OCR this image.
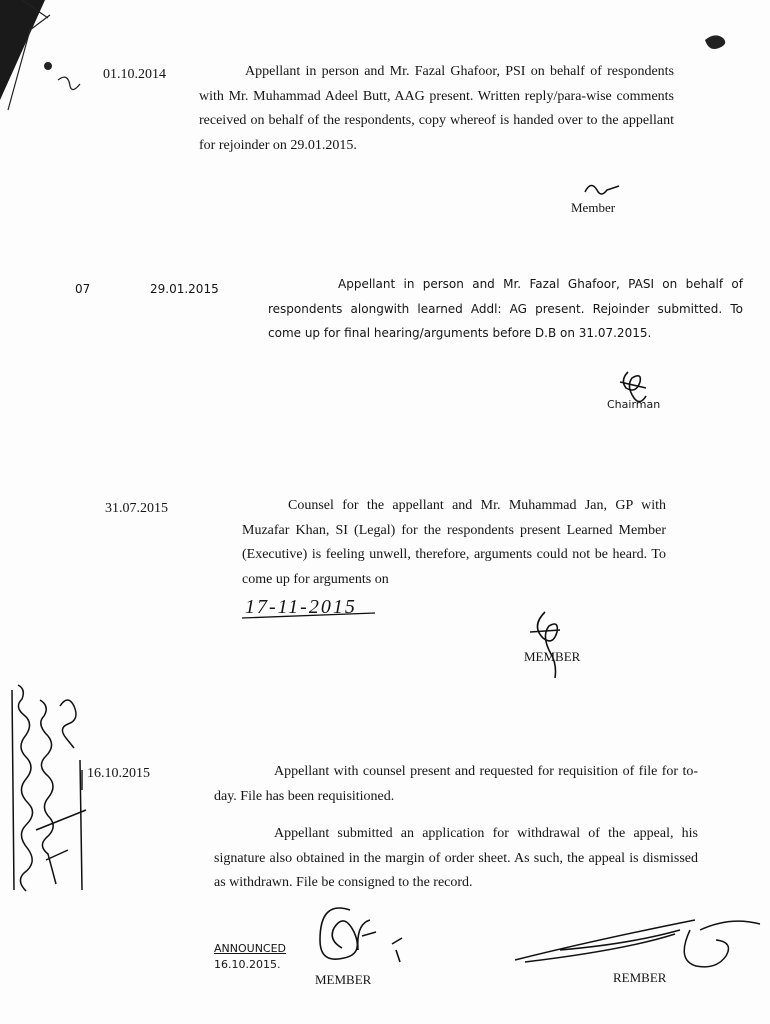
01.10.2014	Appellant in person and Mr. Fazal Ghafoor, PSI on behalf of respondents with Mr. Muhammad Adeel Butt, AAG present. Written reply/para-wise comments received on behalf of the respondents, copy whereof is handed over to the appellant for rejoinder on 29.01.2015.
Member
07	29.01.2015	Appellant in person and Mr. Fazal Ghafoor, PASI on behalf of respondents alongwith learned Addl: AG present. Rejoinder submitted. To come up for final hearing/arguments before D.B on 31.07.2015.
Chairman
31.07.2015	Counsel for the appellant and Mr. Muhammad Jan, GP with Muzafar Khan, SI (Legal) for the respondents present Learned Member (Executive) is feeling unwell, therefore, arguments could not be heard. To come up for arguments on
17-11-2015
MEMBER
16.10.2015	Appellant with counsel present and requested for requisition of file for to-day. File has been requisitioned.
Appellant submitted an application for withdrawal of the appeal, his signature also obtained in the margin of order sheet. As such, the appeal is dismissed as withdrawn. File be consigned to the record.
ANNOUNCED
16.10.2015.
MEMBER	REMBER
